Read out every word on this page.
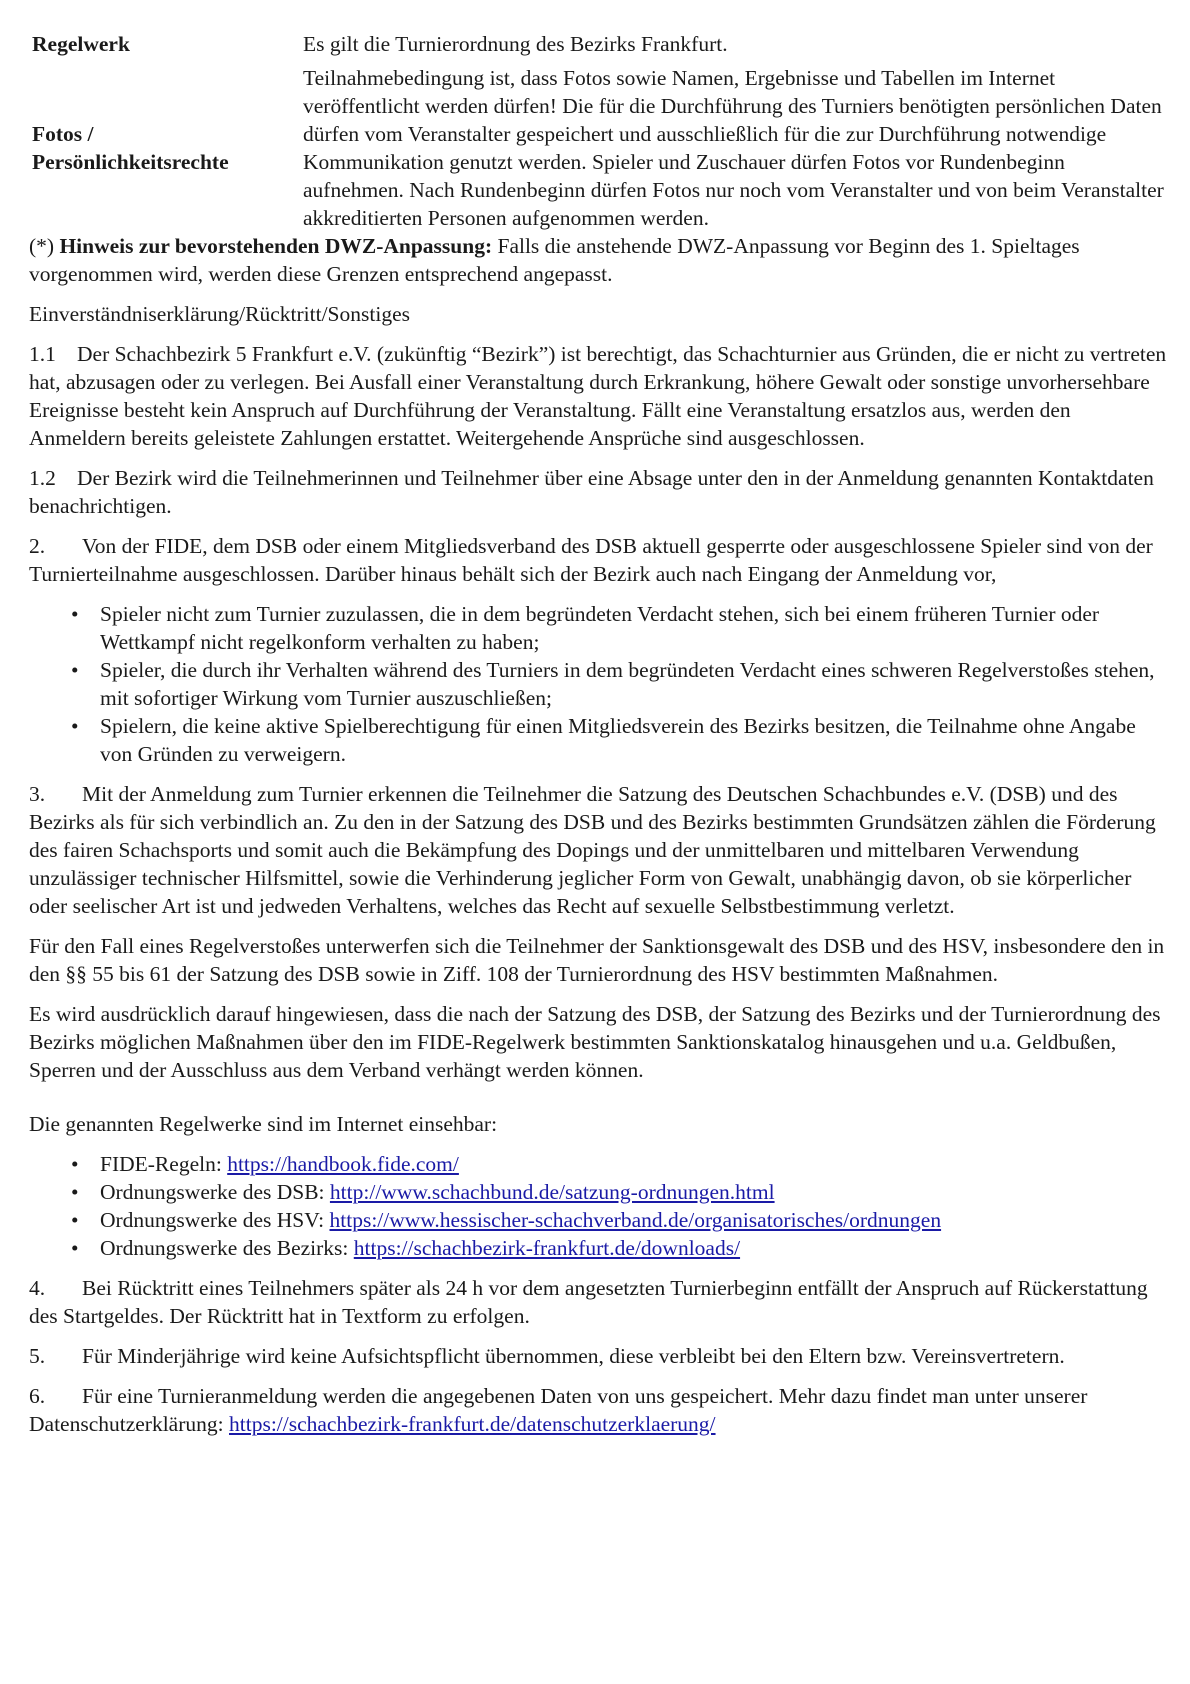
Regelwerk	Es gilt die Turnierordnung des Bezirks Frankfurt.
Fotos /
Persönlichkeitsrechte	Teilnahmebedingung ist, dass Fotos sowie Namen, Ergebnisse und Tabellen im Internet veröffentlicht werden dürfen! Die für die Durchführung des Turniers benötigten persönlichen Daten dürfen vom Veranstalter gespeichert und ausschließlich für die zur Durchführung notwendige Kommunikation genutzt werden. Spieler und Zuschauer dürfen Fotos vor Rundenbeginn aufnehmen. Nach Rundenbeginn dürfen Fotos nur noch vom Veranstalter und von beim Veranstalter akkreditierten Personen aufgenommen werden.

(*) Hinweis zur bevorstehenden DWZ-Anpassung: Falls die anstehende DWZ-Anpassung vor Beginn des 1. Spieltages vorgenommen wird, werden diese Grenzen entsprechend angepasst.

Einverständniserklärung/Rücktritt/Sonstiges

1.1 Der Schachbezirk 5 Frankfurt e.V. (zukünftig “Bezirk”) ist berechtigt, das Schachturnier aus Gründen, die er nicht zu vertreten hat, abzusagen oder zu verlegen. Bei Ausfall einer Veranstaltung durch Erkrankung, höhere Gewalt oder sonstige unvorhersehbare Ereignisse besteht kein Anspruch auf Durchführung der Veranstaltung. Fällt eine Veranstaltung ersatzlos aus, werden den Anmeldern bereits geleistete Zahlungen erstattet. Weitergehende Ansprüche sind ausgeschlossen.

1.2 Der Bezirk wird die Teilnehmerinnen und Teilnehmer über eine Absage unter den in der Anmeldung genannten Kontaktdaten benachrichtigen.

2. Von der FIDE, dem DSB oder einem Mitgliedsverband des DSB aktuell gesperrte oder ausgeschlossene Spieler sind von der Turnierteilnahme ausgeschlossen. Darüber hinaus behält sich der Bezirk auch nach Eingang der Anmeldung vor,

• Spieler nicht zum Turnier zuzulassen, die in dem begründeten Verdacht stehen, sich bei einem früheren Turnier oder Wettkampf nicht regelkonform verhalten zu haben;
• Spieler, die durch ihr Verhalten während des Turniers in dem begründeten Verdacht eines schweren Regelverstoßes stehen, mit sofortiger Wirkung vom Turnier auszuschließen;
• Spielern, die keine aktive Spielberechtigung für einen Mitgliedsverein des Bezirks besitzen, die Teilnahme ohne Angabe von Gründen zu verweigern.

3. Mit der Anmeldung zum Turnier erkennen die Teilnehmer die Satzung des Deutschen Schachbundes e.V. (DSB) und des Bezirks als für sich verbindlich an. Zu den in der Satzung des DSB und des Bezirks bestimmten Grundsätzen zählen die Förderung des fairen Schachsports und somit auch die Bekämpfung des Dopings und der unmittelbaren und mittelbaren Verwendung unzulässiger technischer Hilfsmittel, sowie die Verhinderung jeglicher Form von Gewalt, unabhängig davon, ob sie körperlicher oder seelischer Art ist und jedweden Verhaltens, welches das Recht auf sexuelle Selbstbestimmung verletzt.

Für den Fall eines Regelverstoßes unterwerfen sich die Teilnehmer der Sanktionsgewalt des DSB und des HSV, insbesondere den in den §§ 55 bis 61 der Satzung des DSB sowie in Ziff. 108 der Turnierordnung des HSV bestimmten Maßnahmen.

Es wird ausdrücklich darauf hingewiesen, dass die nach der Satzung des DSB, der Satzung des Bezirks und der Turnierordnung des Bezirks möglichen Maßnahmen über den im FIDE-Regelwerk bestimmten Sanktionskatalog hinausgehen und u.a. Geldbußen, Sperren und der Ausschluss aus dem Verband verhängt werden können.

Die genannten Regelwerke sind im Internet einsehbar:

• FIDE-Regeln: https://handbook.fide.com/
• Ordnungswerke des DSB: http://www.schachbund.de/satzung-ordnungen.html
• Ordnungswerke des HSV: https://www.hessischer-schachverband.de/organisatorisches/ordnungen
• Ordnungswerke des Bezirks: https://schachbezirk-frankfurt.de/downloads/

4. Bei Rücktritt eines Teilnehmers später als 24 h vor dem angesetzten Turnierbeginn entfällt der Anspruch auf Rückerstattung des Startgeldes. Der Rücktritt hat in Textform zu erfolgen.

5. Für Minderjährige wird keine Aufsichtspflicht übernommen, diese verbleibt bei den Eltern bzw. Vereinsvertretern.

6. Für eine Turnieranmeldung werden die angegebenen Daten von uns gespeichert. Mehr dazu findet man unter unserer Datenschutzerklärung: https://schachbezirk-frankfurt.de/datenschutzerklaerung/
